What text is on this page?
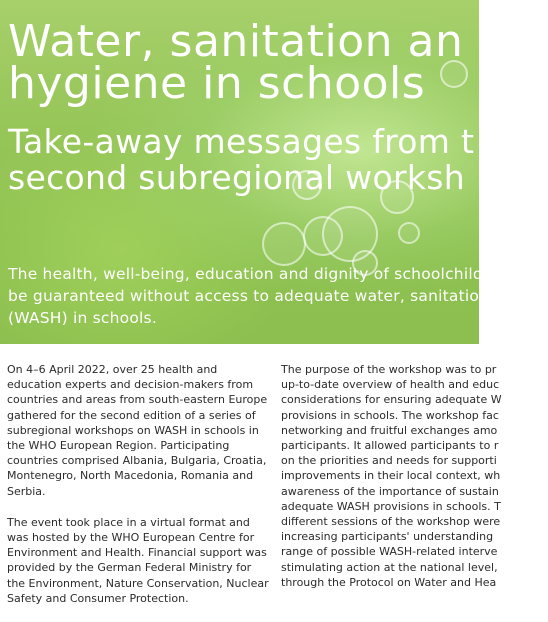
Water, sanitation an
hygiene in schools
Take-away messages from t
second subregional worksh
The health, well-being, education and dignity of schoolchildren can
be guaranteed without access to adequate water, sanitation and hy
(WASH) in schools.

On 4–6 April 2022, over 25 health and education experts and decision-makers from countries and areas from south-eastern Europe gathered for the second edition of a series of subregional workshops on WASH in schools in the WHO European Region. Participating countries comprised Albania, Bulgaria, Croatia, Montenegro, North Macedonia, Romania and Serbia.

The event took place in a virtual format and was hosted by the WHO European Centre for Environment and Health. Financial support was provided by the German Federal Ministry for the Environment, Nature Conservation, Nuclear Safety and Consumer Protection.

The purpose of the workshop was to pr
up-to-date overview of health and educ
considerations for ensuring adequate W
provisions in schools. The workshop fac
networking and fruitful exchanges amo
participants. It allowed participants to r
on the priorities and needs for supporti
improvements in their local context, wh
awareness of the importance of sustain
adequate WASH provisions in schools. T
different sessions of the workshop were
increasing participants' understanding
range of possible WASH-related interve
stimulating action at the national level,
through the Protocol on Water and Hea
